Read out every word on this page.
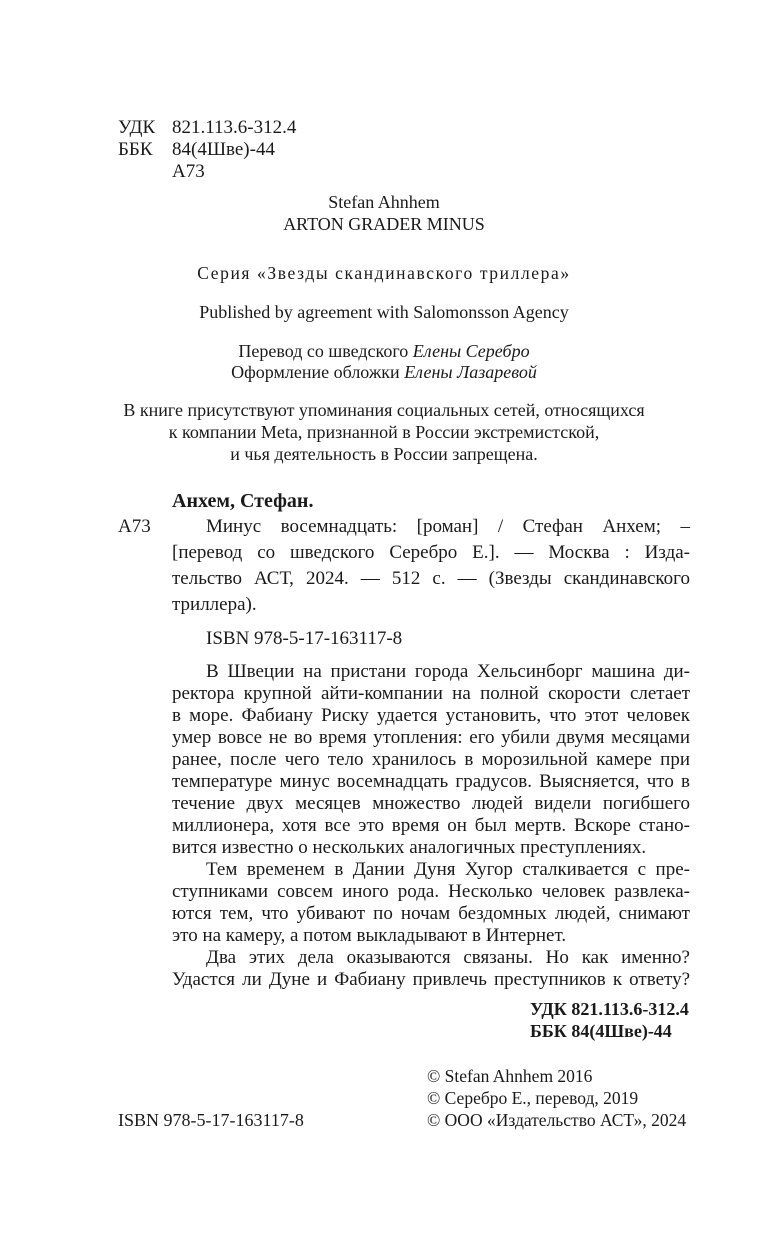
УДК 821.113.6-312.4
ББК 84(4Шве)-44
А73
Stefan Ahnhem
ARTON GRADER MINUS
Серия «Звезды скандинавского триллера»
Published by agreement with Salomonsson Agency
Перевод со шведского Елены Серебро
Оформление обложки Елены Лазаревой
В книге присутствуют упоминания социальных сетей, относящихся
к компании Meta, признанной в России экстремистской,
и чья деятельность в России запрещена.
Анхем, Стефан.
А73	Минус восемнадцать: [роман] / Стефан Анхем; –
[перевод со шведского Серебро Е.]. — Москва : Изда-
тельство АСТ, 2024. — 512 с. — (Звезды скандинавского
триллера).
ISBN 978-5-17-163117-8
В Швеции на пристани города Хельсинборг машина ди-
ректора крупной айти-компании на полной скорости слетает
в море. Фабиану Риску удается установить, что этот человек
умер вовсе не во время утопления: его убили двумя месяцами
ранее, после чего тело хранилось в морозильной камере при
температуре минус восемнадцать градусов. Выясняется, что в
течение двух месяцев множество людей видели погибшего
миллионера, хотя все это время он был мертв. Вскоре стано-
вится известно о нескольких аналогичных преступлениях.
Тем временем в Дании Дуня Хугор сталкивается с пре-
ступниками совсем иного рода. Несколько человек развлека-
ются тем, что убивают по ночам бездомных людей, снимают
это на камеру, а потом выкладывают в Интернет.
Два этих дела оказываются связаны. Но как именно?
Удастся ли Дуне и Фабиану привлечь преступников к ответу?
УДК 821.113.6-312.4
ББК 84(4Шве)-44
© Stefan Ahnhem 2016
© Серебро Е., перевод, 2019
© ООО «Издательство АСТ», 2024
ISBN 978-5-17-163117-8
